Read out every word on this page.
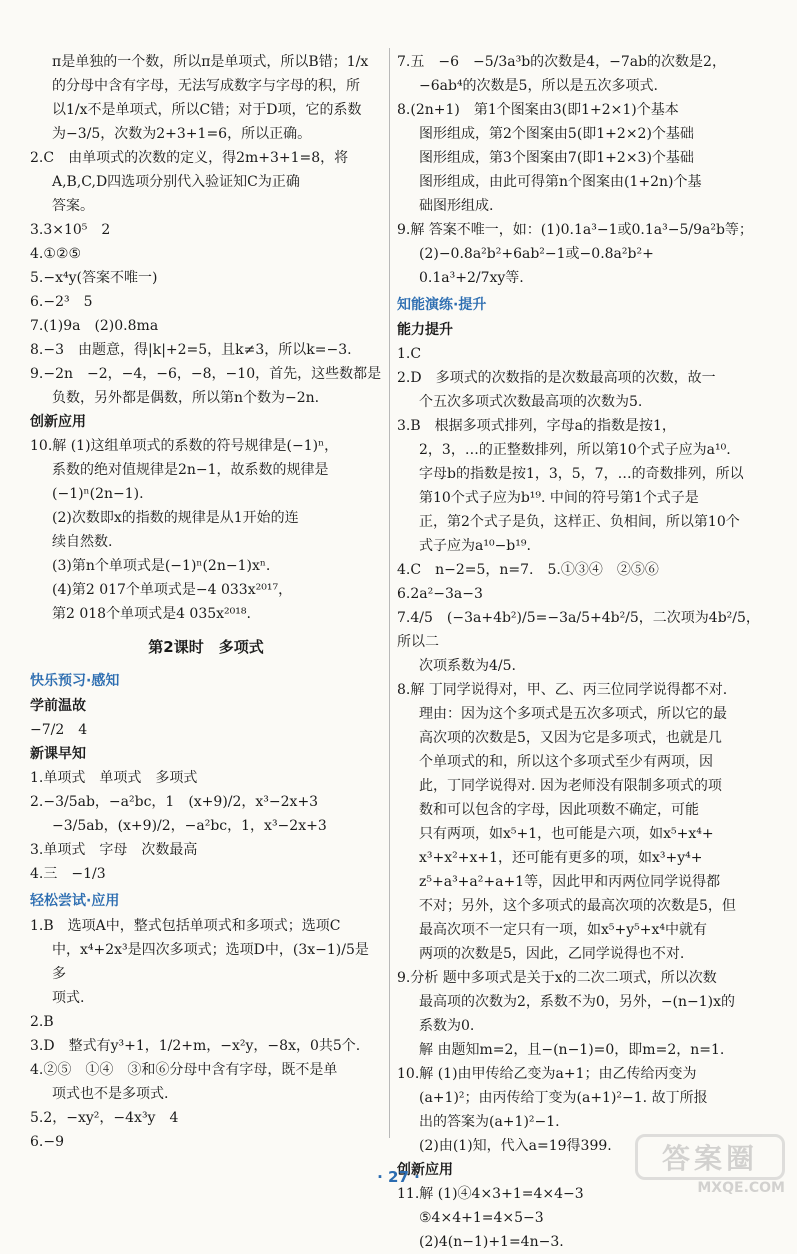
π是单独的一个数，所以π是单项式，所以B错；1/x

的分母中含有字母，无法写成数字与字母的积，所

以1/x不是单项式，所以C错；对于D项，它的系数

为−3/5，次数为2+3+1=6，所以正确。

2.C　由单项式的次数的定义，得2m+3+1=8，将

A,B,C,D四选项分别代入验证知C为正确

答案。

3.3×10⁵　2

4.①②⑤

5.−x⁴y(答案不唯一)

6.−2³　5

7.(1)9a　(2)0.8ma

8.−3　由题意，得|k|+2=5，且k≠3，所以k=−3.

9.−2n　−2，−4，−6，−8，−10，首先，这些数都是

负数，另外都是偶数，所以第n个数为−2n.

创新应用

10.解 (1)这组单项式的系数的符号规律是(−1)ⁿ，

系数的绝对值规律是2n−1，故系数的规律是

(−1)ⁿ(2n−1).

(2)次数即x的指数的规律是从1开始的连

续自然数.

(3)第n个单项式是(−1)ⁿ(2n−1)xⁿ.

(4)第2 017个单项式是−4 033x²⁰¹⁷，

第2 018个单项式是4 035x²⁰¹⁸.

第2课时　多项式
快乐预习·感知
学前温故

−7/2　4

新课早知

1.单项式　单项式　多项式

2.−3/5ab，−a²bc，1　(x+9)/2，x³−2x+3

−3/5ab，(x+9)/2，−a²bc，1，x³−2x+3

3.单项式　字母　次数最高

4.三　−1/3

轻松尝试·应用

1.B　选项A中，整式包括单项式和多项式；选项C

中，x⁴+2x³是四次多项式；选项D中，(3x−1)/5是多

项式.

2.B

3.D　整式有y³+1，1/2+m，−x²y，−8x，0共5个.

4.②⑤　①④　③和⑥分母中含有字母，既不是单

项式也不是多项式.

5.2，−xy²，−4x³y　4

6.−9

7.五　−6　−5/3a³b的次数是4，−7ab的次数是2，

−6ab⁴的次数是5，所以是五次多项式.

8.(2n+1)　第1个图案由3(即1+2×1)个基本

图形组成，第2个图案由5(即1+2×2)个基础

图形组成，第3个图案由7(即1+2×3)个基础

图形组成，由此可得第n个图案由(1+2n)个基

础图形组成.

9.解 答案不唯一，如：(1)0.1a³−1或0.1a³−5/9a²b等；

(2)−0.8a²b²+6ab²−1或−0.8a²b²+

0.1a³+2/7xy等.

知能演练·提升
能力提升

1.C

2.D　多项式的次数指的是次数最高项的次数，故一

个五次多项式次数最高项的次数为5.

3.B　根据多项式排列，字母a的指数是按1，

2，3，…的正整数排列，所以第10个式子应为a¹⁰.

字母b的指数是按1，3，5，7，…的奇数排列，所以

第10个式子应为b¹⁹. 中间的符号第1个式子是

正，第2个式子是负，这样正、负相间，所以第10个

式子应为a¹⁰−b¹⁹.

4.C　n−2=5，n=7.　5.①③④　②⑤⑥

6.2a²−3a−3

7.4/5　(−3a+4b²)/5=−3a/5+4b²/5，二次项为4b²/5，所以二

次项系数为4/5.

8.解 丁同学说得对，甲、乙、丙三位同学说得都不对.

理由：因为这个多项式是五次多项式，所以它的最

高次项的次数是5，又因为它是多项式，也就是几

个单项式的和，所以这个多项式至少有两项，因

此，丁同学说得对. 因为老师没有限制多项式的项

数和可以包含的字母，因此项数不确定，可能

只有两项，如x⁵+1，也可能是六项，如x⁵+x⁴+

x³+x²+x+1，还可能有更多的项，如x³+y⁴+

z⁵+a³+a²+a+1等，因此甲和丙两位同学说得都

不对；另外，这个多项式的最高次项的次数是5，但

最高次项不一定只有一项，如x⁵+y⁵+x⁴中就有

两项的次数是5，因此，乙同学说得也不对.

9.分析 题中多项式是关于x的二次二项式，所以次数

最高项的次数为2，系数不为0，另外，−(n−1)x的

系数为0.

解 由题知m=2，且−(n−1)=0，即m=2，n=1.

10.解 (1)由甲传给乙变为a+1；由乙传给丙变为

(a+1)²；由丙传给丁变为(a+1)²−1. 故丁所报

出的答案为(a+1)²−1.

(2)由(1)知，代入a=19得399.

创新应用

11.解 (1)④4×3+1=4×4−3

⑤4×4+1=4×5−3

(2)4(n−1)+1=4n−3.

· 27 ·
答案圈
MXQE.COM
